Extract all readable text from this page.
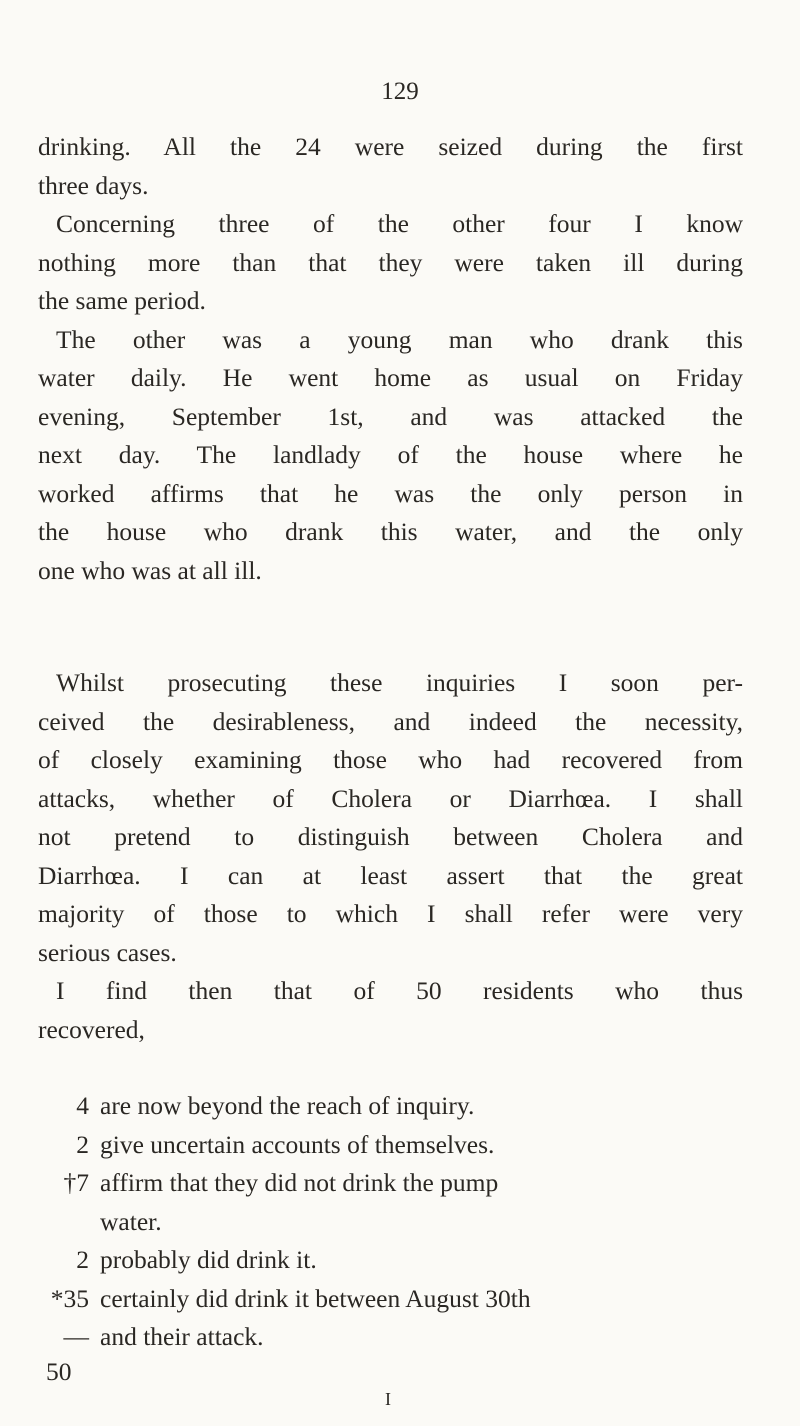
129
drinking. All the 24 were seized during the first
three days.
Concerning three of the other four I know
nothing more than that they were taken ill during
the same period.
The other was a young man who drank this
water daily. He went home as usual on Friday
evening, September 1st, and was attacked the
next day. The landlady of the house where he
worked affirms that he was the only person in
the house who drank this water, and the only
one who was at all ill.
Whilst prosecuting these inquiries I soon per-
ceived the desirableness, and indeed the necessity,
of closely examining those who had recovered from
attacks, whether of Cholera or Diarrhœa. I shall
not pretend to distinguish between Cholera and
Diarrhœa. I can at least assert that the great
majority of those to which I shall refer were very
serious cases.
I find then that of 50 residents who thus
recovered,
4 are now beyond the reach of inquiry.
2 give uncertain accounts of themselves.
†7 affirm that they did not drink the pump
water.
2 probably did drink it.
*35 certainly did drink it between August 30th
— and their attack.
50
I
